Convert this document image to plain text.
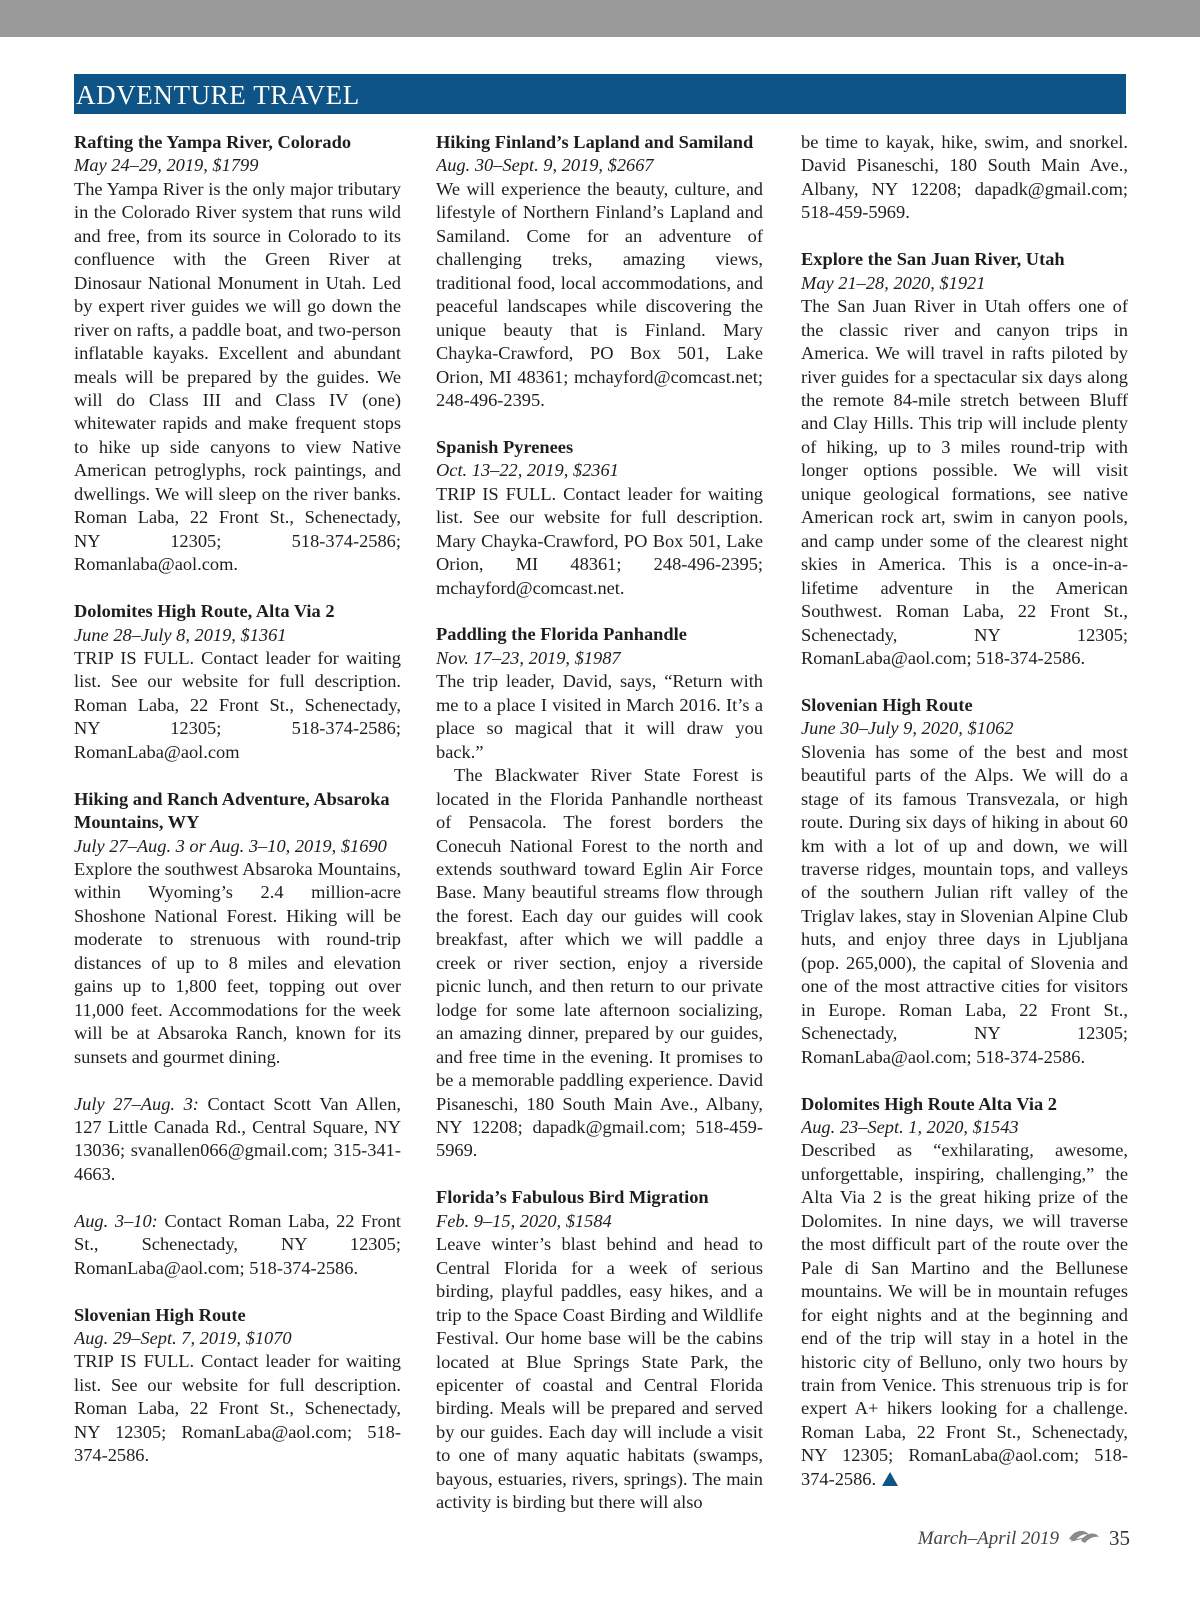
ADVENTURE TRAVEL

Rafting the Yampa River, Colorado

May 24–29, 2019, $1799

The Yampa River is the only major tributary in the Colorado River system that runs wild and free, from its source in Colorado to its confluence with the Green River at Dinosaur National Monument in Utah. Led by expert river guides we will go down the river on rafts, a paddle boat, and two-person inflatable kayaks. Excellent and abundant meals will be prepared by the guides. We will do Class III and Class IV (one) whitewater rapids and make frequent stops to hike up side canyons to view Native American petroglyphs, rock paintings, and dwellings. We will sleep on the river banks. Roman Laba, 22 Front St., Schenectady, NY 12305; 518-374-2586; Romanlaba@aol.com.

Dolomites High Route, Alta Via 2

June 28–July 8, 2019, $1361

TRIP IS FULL. Contact leader for waiting list. See our website for full description. Roman Laba, 22 Front St., Schenectady, NY 12305; 518-374-2586; RomanLaba@aol.com

Hiking and Ranch Adventure, Absaroka Mountains, WY

July 27–Aug. 3 or Aug. 3–10, 2019, $1690

Explore the southwest Absaroka Mountains, within Wyoming’s 2.4 million-acre Shoshone National Forest. Hiking will be moderate to strenuous with round-trip distances of up to 8 miles and elevation gains up to 1,800 feet, topping out over 11,000 feet. Accommodations for the week will be at Absaroka Ranch, known for its sunsets and gourmet dining.

July 27–Aug. 3: Contact Scott Van Allen, 127 Little Canada Rd., Central Square, NY 13036; svanallen066@gmail.com; 315-341-4663.

Aug. 3–10: Contact Roman Laba, 22 Front St., Schenectady, NY 12305; RomanLaba@aol.com; 518-374-2586.

Slovenian High Route

Aug. 29–Sept. 7, 2019, $1070

TRIP IS FULL. Contact leader for waiting list. See our website for full description. Roman Laba, 22 Front St., Schenectady, NY 12305; RomanLaba@aol.com; 518-374-2586.

Hiking Finland’s Lapland and Samiland

Aug. 30–Sept. 9, 2019, $2667

We will experience the beauty, culture, and lifestyle of Northern Finland’s Lapland and Samiland. Come for an adventure of challenging treks, amazing views, traditional food, local accommodations, and peaceful landscapes while discovering the unique beauty that is Finland. Mary Chayka-Crawford, PO Box 501, Lake Orion, MI 48361; mchayford@comcast.net; 248-496-2395.

Spanish Pyrenees

Oct. 13–22, 2019, $2361

TRIP IS FULL. Contact leader for waiting list. See our website for full description. Mary Chayka-Crawford, PO Box 501, Lake Orion, MI 48361; 248-496-2395; mchayford@comcast.net.

Paddling the Florida Panhandle

Nov. 17–23, 2019, $1987

The trip leader, David, says, “Return with me to a place I visited in March 2016. It’s a place so magical that it will draw you back.”

The Blackwater River State Forest is located in the Florida Panhandle northeast of Pensacola. The forest borders the Conecuh National Forest to the north and extends southward toward Eglin Air Force Base. Many beautiful streams flow through the forest. Each day our guides will cook breakfast, after which we will paddle a creek or river section, enjoy a riverside picnic lunch, and then return to our private lodge for some late afternoon socializing, an amazing dinner, prepared by our guides, and free time in the evening. It promises to be a memorable paddling experience. David Pisaneschi, 180 South Main Ave., Albany, NY 12208; dapadk@gmail.com; 518-459-5969.

Florida’s Fabulous Bird Migration

Feb. 9–15, 2020, $1584

Leave winter’s blast behind and head to Central Florida for a week of serious birding, playful paddles, easy hikes, and a trip to the Space Coast Birding and Wildlife Festival. Our home base will be the cabins located at Blue Springs State Park, the epicenter of coastal and Central Florida birding. Meals will be prepared and served by our guides. Each day will include a visit to one of many aquatic habitats (swamps, bayous, estuaries, rivers, springs). The main activity is birding but there will also

be time to kayak, hike, swim, and snorkel. David Pisaneschi, 180 South Main Ave., Albany, NY 12208; dapadk@gmail.com; 518-459-5969.

Explore the San Juan River, Utah

May 21–28, 2020, $1921

The San Juan River in Utah offers one of the classic river and canyon trips in America. We will travel in rafts piloted by river guides for a spectacular six days along the remote 84-mile stretch between Bluff and Clay Hills. This trip will include plenty of hiking, up to 3 miles round-trip with longer options possible. We will visit unique geological formations, see native American rock art, swim in canyon pools, and camp under some of the clearest night skies in America. This is a once-in-a-lifetime adventure in the American Southwest. Roman Laba, 22 Front St., Schenectady, NY 12305; RomanLaba@aol.com; 518-374-2586.

Slovenian High Route

June 30–July 9, 2020, $1062

Slovenia has some of the best and most beautiful parts of the Alps. We will do a stage of its famous Transvezala, or high route. During six days of hiking in about 60 km with a lot of up and down, we will traverse ridges, mountain tops, and valleys of the southern Julian rift valley of the Triglav lakes, stay in Slovenian Alpine Club huts, and enjoy three days in Ljubljana (pop. 265,000), the capital of Slovenia and one of the most attractive cities for visitors in Europe. Roman Laba, 22 Front St., Schenectady, NY 12305; RomanLaba@aol.com; 518-374-2586.

Dolomites High Route Alta Via 2

Aug. 23–Sept. 1, 2020, $1543

Described as “exhilarating, awesome, unforgettable, inspiring, challenging,” the Alta Via 2 is the great hiking prize of the Dolomites. In nine days, we will traverse the most difficult part of the route over the Pale di San Martino and the Bellunese mountains. We will be in mountain refuges for eight nights and at the beginning and end of the trip will stay in a hotel in the historic city of Belluno, only two hours by train from Venice. This strenuous trip is for expert A+ hikers looking for a challenge. Roman Laba, 22 Front St., Schenectady, NY 12305; RomanLaba@aol.com; 518-374-2586.

March–April 2019 35
